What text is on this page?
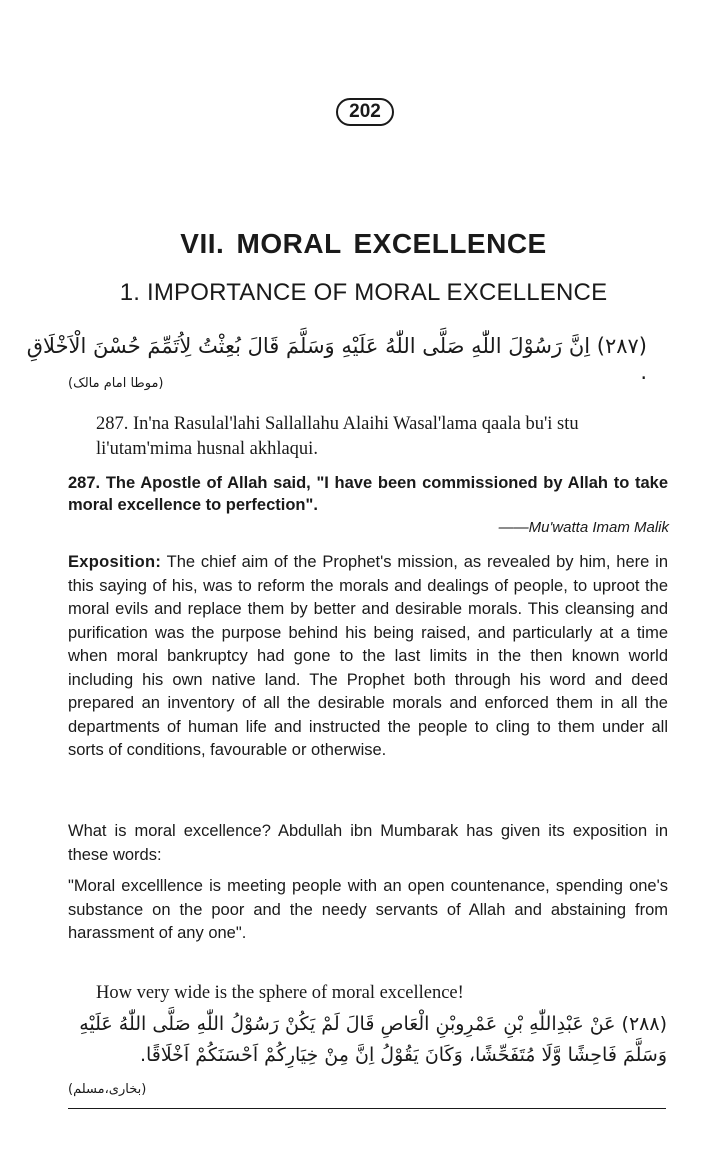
202
VII. MORAL EXCELLENCE
1. IMPORTANCE OF MORAL EXCELLENCE
(٢٨٧) اِنَّ رَسُوْلَ اللّٰهِ صَلَّى اللّٰهُ عَلَيْهِ وَسَلَّمَ قَالَ بُعِثْتُ لِاُتَمِّمَ حُسْنَ الْاَخْلَاقِ
.
(موطا امام مالک)
287. In'na Rasulal'lahi Sallallahu Alaihi Wasal'lama qaala bu'i stu li'utam'mima husnal akhlaqui.
287. The Apostle of Allah said, "I have been commissioned by Allah to take moral excellence to perfection".
——Mu'watta Imam Malik
Exposition: The chief aim of the Prophet's mission, as revealed by him, here in this saying of his, was to reform the morals and dealings of people, to uproot the moral evils and replace them by better and desirable morals. This cleansing and purification was the purpose behind his being raised, and particularly at a time when moral bankruptcy had gone to the last limits in the then known world including his own native land. The Prophet both through his word and deed prepared an inventory of all the desirable morals and enforced them in all the departments of human life and instructed the people to cling to them under all sorts of conditions, favourable or otherwise.
What is moral excellence? Abdullah ibn Mumbarak has given its exposition in these words:
"Moral excelllence is meeting people with an open countenance, spending one's substance on the poor and the needy servants of Allah and abstaining from harassment of any one".
How very wide is the sphere of moral excellence!
(٢٨٨) عَنْ عَبْدِاللّٰهِ بْنِ عَمْرِوبْنِ الْعَاصِ قَالَ لَمْ يَكُنْ رَسُوْلُ اللّٰهِ صَلَّى اللّٰهُ عَلَيْهِ
وَسَلَّمَ فَاحِشًا وَّلَا مُتَفَحِّشًا، وَكَانَ يَقُوْلُ اِنَّ مِنْ خِيَارِكُمْ اَحْسَنَكُمْ اَخْلَاقًا.
(بخاری،مسلم)
